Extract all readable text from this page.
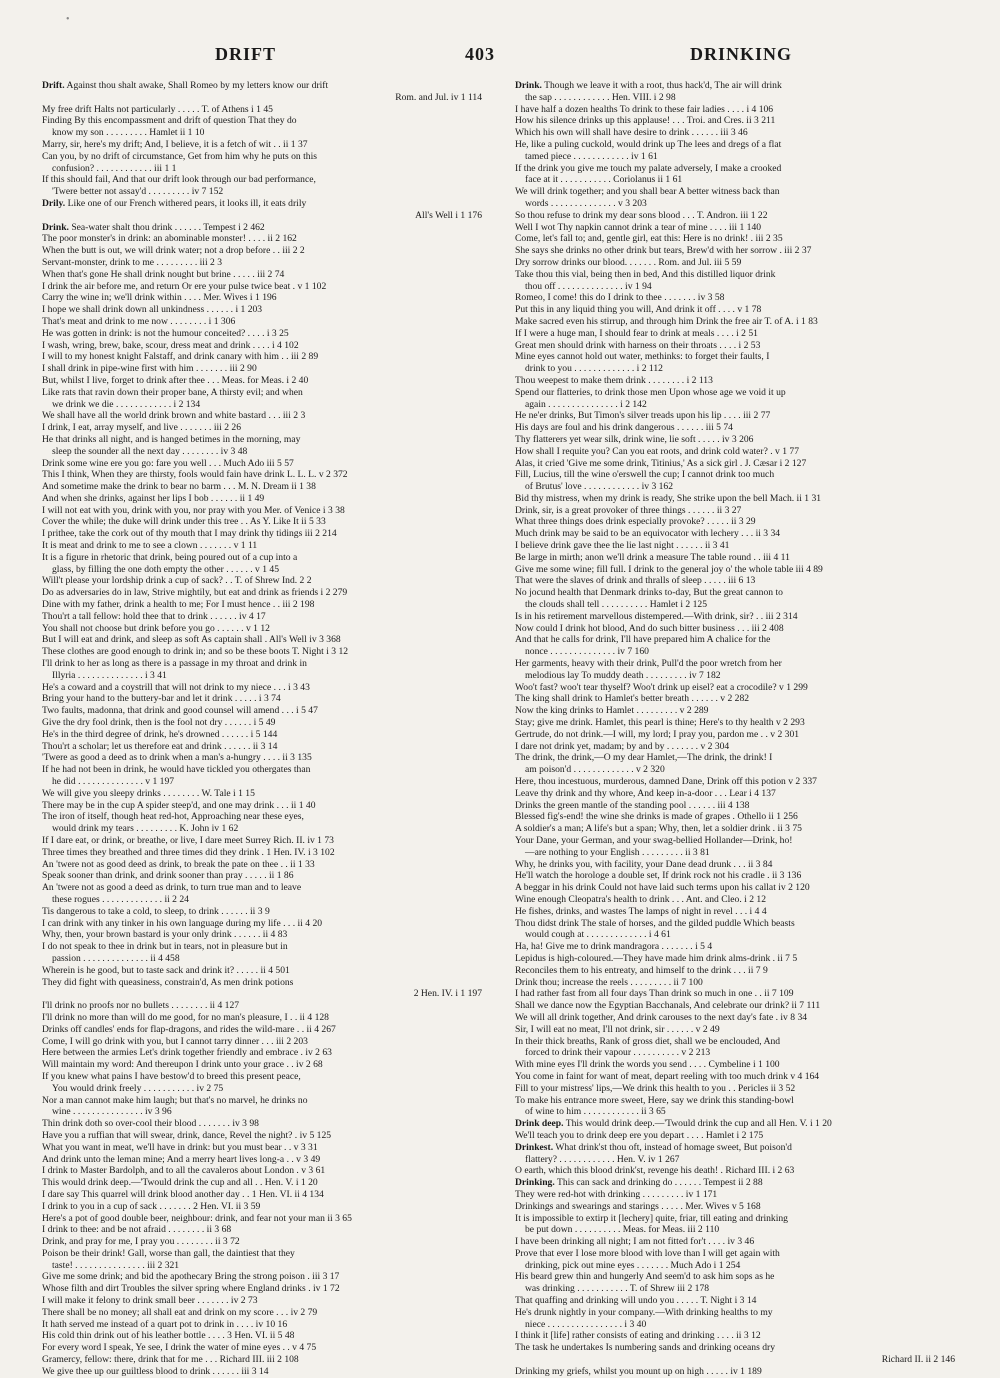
•
DRIFT	403	DRINKING
Drift. Against thou shalt awake, Shall Romeo by my letters know our drift
Rom. and Jul. iv 1 114
My free drift Halts not particularly . . . . . T. of Athens i 1 45
Finding By this encompassment and drift of question That they do
know my son . . . . . . . . . Hamlet ii 1 10
Marry, sir, here's my drift; And, I believe, it is a fetch of wit . . ii 1 37
Can you, by no drift of circumstance, Get from him why he puts on this
confusion? . . . . . . . . . . . . iii 1 1
If this should fail, And that our drift look through our bad performance,
'Twere better not assay'd . . . . . . . . . iv 7 152
Drily. Like one of our French withered pears, it looks ill, it eats drily
All's Well i 1 176
Drink. Sea-water shalt thou drink . . . . . . Tempest i 2 462
The poor monster's in drink: an abominable monster! . . . . ii 2 162
When the butt is out, we will drink water; not a drop before . . iii 2 2
Servant-monster, drink to me . . . . . . . . . iii 2 3
When that's gone He shall drink nought but brine . . . . . iii 2 74
I drink the air before me, and return Or ere your pulse twice beat . v 1 102
Carry the wine in; we'll drink within . . . . Mer. Wives i 1 196
I hope we shall drink down all unkindness . . . . . . i 1 203
That's meat and drink to me now . . . . . . . . i 1 306
He was gotten in drink: is not the humour conceited? . . . . i 3 25
I wash, wring, brew, bake, scour, dress meat and drink . . . . i 4 102
I will to my honest knight Falstaff, and drink canary with him . . iii 2 89
I shall drink in pipe-wine first with him . . . . . . . iii 2 90
But, whilst I live, forget to drink after thee . . . Meas. for Meas. i 2 40
Like rats that ravin down their proper bane, A thirsty evil; and when
we drink we die . . . . . . . . . . . . i 2 134
We shall have all the world drink brown and white bastard . . . iii 2 3
I drink, I eat, array myself, and live . . . . . . . iii 2 26
He that drinks all night, and is hanged betimes in the morning, may
sleep the sounder all the next day . . . . . . . . iv 3 48
Drink some wine ere you go: fare you well . . . Much Ado iii 5 57
This I think, When they are thirsty, fools would fain have drink L. L. L. v 2 372
And sometime make the drink to bear no barm . . . M. N. Dream ii 1 38
And when she drinks, against her lips I bob . . . . . . ii 1 49
I will not eat with you, drink with you, nor pray with you Mer. of Venice i 3 38
Cover the while; the duke will drink under this tree . . As Y. Like It ii 5 33
I prithee, take the cork out of thy mouth that I may drink thy tidings iii 2 214
It is meat and drink to me to see a clown . . . . . . . v 1 11
It is a figure in rhetoric that drink, being poured out of a cup into a
glass, by filling the one doth empty the other . . . . . . v 1 45
Will't please your lordship drink a cup of sack? . . T. of Shrew Ind. 2 2
Do as adversaries do in law, Strive mightily, but eat and drink as friends i 2 279
Dine with my father, drink a health to me; For I must hence . . iii 2 198
Thou'rt a tall fellow: hold thee that to drink . . . . . . iv 4 17
You shall not choose but drink before you go . . . . . . v 1 12
But I will eat and drink, and sleep as soft As captain shall . All's Well iv 3 368
These clothes are good enough to drink in; and so be these boots T. Night i 3 12
I'll drink to her as long as there is a passage in my throat and drink in
Illyria . . . . . . . . . . . . . . i 3 41
He's a coward and a coystrill that will not drink to my niece . . . i 3 43
Bring your hand to the buttery-bar and let it drink . . . . . i 3 74
Two faults, madonna, that drink and good counsel will amend . . . i 5 47
Give the dry fool drink, then is the fool not dry . . . . . . i 5 49
He's in the third degree of drink, he's drowned . . . . . . i 5 144
Thou'rt a scholar; let us therefore eat and drink . . . . . . ii 3 14
'Twere as good a deed as to drink when a man's a-hungry . . . . ii 3 135
If he had not been in drink, he would have tickled you othergates than
he did . . . . . . . . . . . . . . v 1 197
We will give you sleepy drinks . . . . . . . . W. Tale i 1 15
There may be in the cup A spider steep'd, and one may drink . . . ii 1 40
The iron of itself, though heat red-hot, Approaching near these eyes,
would drink my tears . . . . . . . . . K. John iv 1 62
If I dare eat, or drink, or breathe, or live, I dare meet Surrey Rich. II. iv 1 73
Three times they breathed and three times did they drink . 1 Hen. IV. i 3 102
An 'twere not as good deed as drink, to break the pate on thee . . ii 1 33
Speak sooner than drink, and drink sooner than pray . . . . . ii 1 86
An 'twere not as good a deed as drink, to turn true man and to leave
these rogues . . . . . . . . . . . . . ii 2 24
Tis dangerous to take a cold, to sleep, to drink . . . . . . ii 3 9
I can drink with any tinker in his own language during my life . . . ii 4 20
Why, then, your brown bastard is your only drink . . . . . . ii 4 83
I do not speak to thee in drink but in tears, not in pleasure but in
passion . . . . . . . . . . . . . . ii 4 458
Wherein is he good, but to taste sack and drink it? . . . . . ii 4 501
They did fight with queasiness, constrain'd, As men drink potions
2 Hen. IV. i 1 197
I'll drink no proofs nor no bullets . . . . . . . . ii 4 127
I'll drink no more than will do me good, for no man's pleasure, I . . ii 4 128
Drinks off candles' ends for flap-dragons, and rides the wild-mare . . ii 4 267
Come, I will go drink with you, but I cannot tarry dinner . . . iii 2 203
Here between the armies Let's drink together friendly and embrace . iv 2 63
Will maintain my word: And thereupon I drink unto your grace . . iv 2 68
If you knew what pains I have bestow'd to breed this present peace,
You would drink freely . . . . . . . . . . . iv 2 75
Nor a man cannot make him laugh; but that's no marvel, he drinks no
wine . . . . . . . . . . . . . . . iv 3 96
Thin drink doth so over-cool their blood . . . . . . . iv 3 98
Have you a ruffian that will swear, drink, dance, Revel the night? . iv 5 125
What you want in meat, we'll have in drink: but you must bear . . v 3 31
And drink unto the leman mine; And a merry heart lives long-a . . v 3 49
I drink to Master Bardolph, and to all the cavaleros about London . v 3 61
This would drink deep.—'Twould drink the cup and all . . Hen. V. i 1 20
I dare say This quarrel will drink blood another day . . 1 Hen. VI. ii 4 134
I drink to you in a cup of sack . . . . . . . 2 Hen. VI. ii 3 59
Here's a pot of good double beer, neighbour: drink, and fear not your man ii 3 65
I drink to thee: and be not afraid . . . . . . . . ii 3 68
Drink, and pray for me, I pray you . . . . . . . . ii 3 72
Poison be their drink! Gall, worse than gall, the daintiest that they
taste! . . . . . . . . . . . . . . . iii 2 321
Give me some drink; and bid the apothecary Bring the strong poison . iii 3 17
Whose filth and dirt Troubles the silver spring where England drinks . iv 1 72
I will make it felony to drink small beer . . . . . . . iv 2 73
There shall be no money; all shall eat and drink on my score . . . iv 2 79
It hath served me instead of a quart pot to drink in . . . . iv 10 16
His cold thin drink out of his leather bottle . . . . 3 Hen. VI. ii 5 48
For every word I speak, Ye see, I drink the water of mine eyes . . v 4 75
Gramercy, fellow: there, drink that for me . . . Richard III. iii 2 108
We give thee up our guiltless blood to drink . . . . . . iii 3 14
Drink. Though we leave it with a root, thus hack'd, The air will drink
the sap . . . . . . . . . . . . Hen. VIII. i 2 98
I have half a dozen healths To drink to these fair ladies . . . . i 4 106
How his silence drinks up this applause! . . . Troi. and Cres. ii 3 211
Which his own will shall have desire to drink . . . . . . iii 3 46
He, like a puling cuckold, would drink up The lees and dregs of a flat
tamed piece . . . . . . . . . . . . iv 1 61
If the drink you give me touch my palate adversely, I make a crooked
face at it . . . . . . . . . . . Coriolanus ii 1 61
We will drink together; and you shall bear A better witness back than
words . . . . . . . . . . . . . . v 3 203
So thou refuse to drink my dear sons blood . . . T. Andron. iii 1 22
Well I wot Thy napkin cannot drink a tear of mine . . . . iii 1 140
Come, let's fall to; and, gentle girl, eat this: Here is no drink! . iii 2 35
She says she drinks no other drink but tears, Brew'd with her sorrow . iii 2 37
Dry sorrow drinks our blood. . . . . . . Rom. and Jul. iii 5 59
Take thou this vial, being then in bed, And this distilled liquor drink
thou off . . . . . . . . . . . . . . iv 1 94
Romeo, I come! this do I drink to thee . . . . . . . iv 3 58
Put this in any liquid thing you will, And drink it off . . . . v 1 78
Make sacred even his stirrup, and through him Drink the free air T. of A. i 1 83
If I were a huge man, I should fear to drink at meals . . . . i 2 51
Great men should drink with harness on their throats . . . . i 2 53
Mine eyes cannot hold out water, methinks: to forget their faults, I
drink to you . . . . . . . . . . . . . i 2 112
Thou weepest to make them drink . . . . . . . . i 2 113
Spend our flatteries, to drink those men Upon whose age we void it up
again . . . . . . . . . . . . . . . i 2 142
He ne'er drinks, But Timon's silver treads upon his lip . . . . iii 2 77
His days are foul and his drink dangerous . . . . . . iii 5 74
Thy flatterers yet wear silk, drink wine, lie soft . . . . . iv 3 206
How shall I requite you? Can you eat roots, and drink cold water? . v 1 77
Alas, it cried 'Give me some drink, Titinius,' As a sick girl . J. Cæsar i 2 127
Fill, Lucius, till the wine o'erswell the cup; I cannot drink too much
of Brutus' love . . . . . . . . . . . . iv 3 162
Bid thy mistress, when my drink is ready, She strike upon the bell Mach. ii 1 31
Drink, sir, is a great provoker of three things . . . . . . ii 3 27
What three things does drink especially provoke? . . . . . ii 3 29
Much drink may be said to be an equivocator with lechery . . . ii 3 34
I believe drink gave thee the lie last night . . . . . . ii 3 41
Be large in mirth; anon we'll drink a measure The table round . . iii 4 11
Give me some wine; fill full. I drink to the general joy o' the whole table iii 4 89
That were the slaves of drink and thralls of sleep . . . . . iii 6 13
No jocund health that Denmark drinks to-day, But the great cannon to
the clouds shall tell . . . . . . . . . . Hamlet i 2 125
Is in his retirement marvellous distempered.—With drink, sir? . . iii 2 314
Now could I drink hot blood, And do such bitter business . . . iii 2 408
And that he calls for drink, I'll have prepared him A chalice for the
nonce . . . . . . . . . . . . . . iv 7 160
Her garments, heavy with their drink, Pull'd the poor wretch from her
melodious lay To muddy death . . . . . . . . . iv 7 182
Woo't fast? woo't tear thyself? Woo't drink up eisel? eat a crocodile? v 1 299
The king shall drink to Hamlet's better breath . . . . . . v 2 282
Now the king drinks to Hamlet . . . . . . . . . v 2 289
Stay; give me drink. Hamlet, this pearl is thine; Here's to thy health v 2 293
Gertrude, do not drink.—I will, my lord; I pray you, pardon me . . v 2 301
I dare not drink yet, madam; by and by . . . . . . . v 2 304
The drink, the drink,—O my dear Hamlet,—The drink, the drink! I
am poison'd . . . . . . . . . . . . . v 2 320
Here, thou incestuous, murderous, damned Dane, Drink off this potion v 2 337
Leave thy drink and thy whore, And keep in-a-door . . . Lear i 4 137
Drinks the green mantle of the standing pool . . . . . . iii 4 138
Blessed fig's-end! the wine she drinks is made of grapes . Othello ii 1 256
A soldier's a man; A life's but a span; Why, then, let a soldier drink . ii 3 75
Your Dane, your German, and your swag-bellied Hollander—Drink, ho!
—are nothing to your English . . . . . . . . . ii 3 81
Why, he drinks you, with facility, your Dane dead drunk . . . ii 3 84
He'll watch the horologe a double set, If drink rock not his cradle . ii 3 136
A beggar in his drink Could not have laid such terms upon his callat iv 2 120
Wine enough Cleopatra's health to drink . . . Ant. and Cleo. i 2 12
He fishes, drinks, and wastes The lamps of night in revel . . . i 4 4
Thou didst drink The stale of horses, and the gilded puddle Which beasts
would cough at . . . . . . . . . . . . . i 4 61
Ha, ha! Give me to drink mandragora . . . . . . . i 5 4
Lepidus is high-coloured.—They have made him drink alms-drink . ii 7 5
Reconciles them to his entreaty, and himself to the drink . . . ii 7 9
Drink thou; increase the reels . . . . . . . . . ii 7 100
I had rather fast from all four days Than drink so much in one . . ii 7 109
Shall we dance now the Egyptian Bacchanals, And celebrate our drink? ii 7 111
We will all drink together, And drink carouses to the next day's fate . iv 8 34
Sir, I will eat no meat, I'll not drink, sir . . . . . . v 2 49
In their thick breaths, Rank of gross diet, shall we be enclouded, And
forced to drink their vapour . . . . . . . . . . v 2 213
With mine eyes I'll drink the words you send . . . . Cymbeline i 1 100
You come in faint for want of meat, depart reeling with too much drink v 4 164
Fill to your mistress' lips,—We drink this health to you . . Pericles ii 3 52
To make his entrance more sweet, Here, say we drink this standing-bowl
of wine to him . . . . . . . . . . . . ii 3 65
Drink deep. This would drink deep.—'Twould drink the cup and all Hen. V. i 1 20
We'll teach you to drink deep ere you depart . . . . Hamlet i 2 175
Drinkest. What drink'st thou oft, instead of homage sweet, But poison'd
flattery? . . . . . . . . . . . . Hen. V. iv 1 267
O earth, which this blood drink'st, revenge his death! . Richard III. i 2 63
Drinking. This can sack and drinking do . . . . . . Tempest ii 2 88
They were red-hot with drinking . . . . . . . . . iv 1 171
Drinkings and swearings and starings . . . . . Mer. Wives v 5 168
It is impossible to extirp it [lechery] quite, friar, till eating and drinking
be put down . . . . . . . . . . Meas. for Meas. iii 2 110
I have been drinking all night; I am not fitted for't . . . . iv 3 46
Prove that ever I lose more blood with love than I will get again with
drinking, pick out mine eyes . . . . . . . Much Ado i 1 254
His beard grew thin and hungerly And seem'd to ask him sops as he
was drinking . . . . . . . . . . . T. of Shrew iii 2 178
That quaffing and drinking will undo you . . . . . T. Night i 3 14
He's drunk nightly in your company.—With drinking healths to my
niece . . . . . . . . . . . . . . . . i 3 40
I think it [life] rather consists of eating and drinking . . . . ii 3 12
The task he undertakes Is numbering sands and drinking oceans dry
Richard II. ii 2 146
Drinking my griefs, whilst you mount up on high . . . . . iv 1 189
